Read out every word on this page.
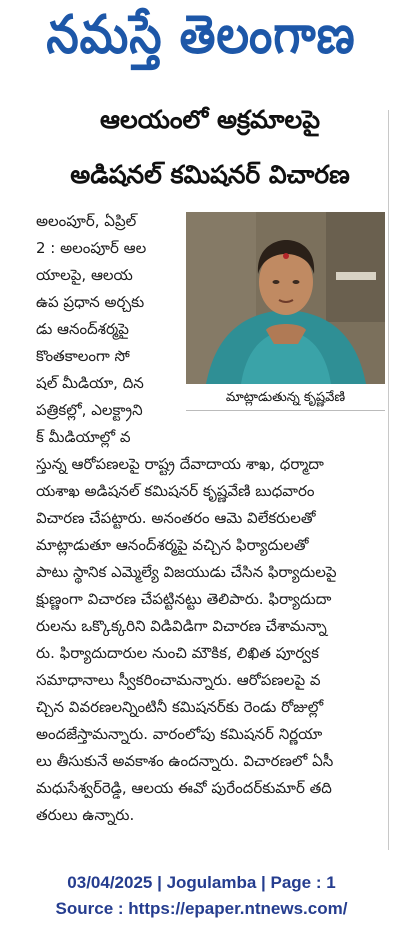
నమస్తే తెలంగాణ
ఆలయంలో అక్రమాలపై
అడిషనల్ కమిషనర్ విచారణ
మాట్లాడుతున్న కృష్ణవేణి
అలంపూర్, ఏప్రిల్
2 : అలంపూర్ ఆల
యాలపై, ఆలయ
ఉప ప్రధాన అర్చకు
డు ఆనంద్‌శర్మపై
కొంతకాలంగా సో
షల్ మీడియా, దిన
పత్రికల్లో, ఎలక్ట్రాని
క్ మీడియాల్లో వ
స్తున్న ఆరోపణలపై రాష్ట్ర దేవాదాయ శాఖ, ధర్మాదా
యశాఖ అడిషనల్ కమిషనర్ కృష్ణవేణి బుధవారం
విచారణ చేపట్టారు. అనంతరం ఆమె విలేకరులతో
మాట్లాడుతూ ఆనంద్‌శర్మపై వచ్చిన ఫిర్యాదులతో
పాటు స్థానిక ఎమ్మెల్యే విజయుడు చేసిన ఫిర్యాదులపై
క్షుణ్ణంగా విచారణ చేపట్టినట్టు తెలిపారు. ఫిర్యాదుదా
రులను ఒక్కొక్కరిని విడివిడిగా విచారణ చేశామన్నా
రు. ఫిర్యాదుదారుల నుంచి మౌకిక, లిఖిత పూర్వక
సమాధానాలు స్వీకరించామన్నారు. ఆరోపణలపై వ
చ్చిన వివరణలన్నింటినీ కమిషనర్‌కు రెండు రోజుల్లో
అందజేస్తామన్నారు. వారంలోపు కమిషనర్ నిర్ణయా
లు తీసుకునే అవకాశం ఉందన్నారు. విచారణలో ఏసీ
మధుసేశ్వర్‌రెడ్డి, ఆలయ ఈవో పురేందర్‌కుమార్ తది
తరులు ఉన్నారు.
03/04/2025 | Jogulamba | Page : 1
Source : https://epaper.ntnews.com/
